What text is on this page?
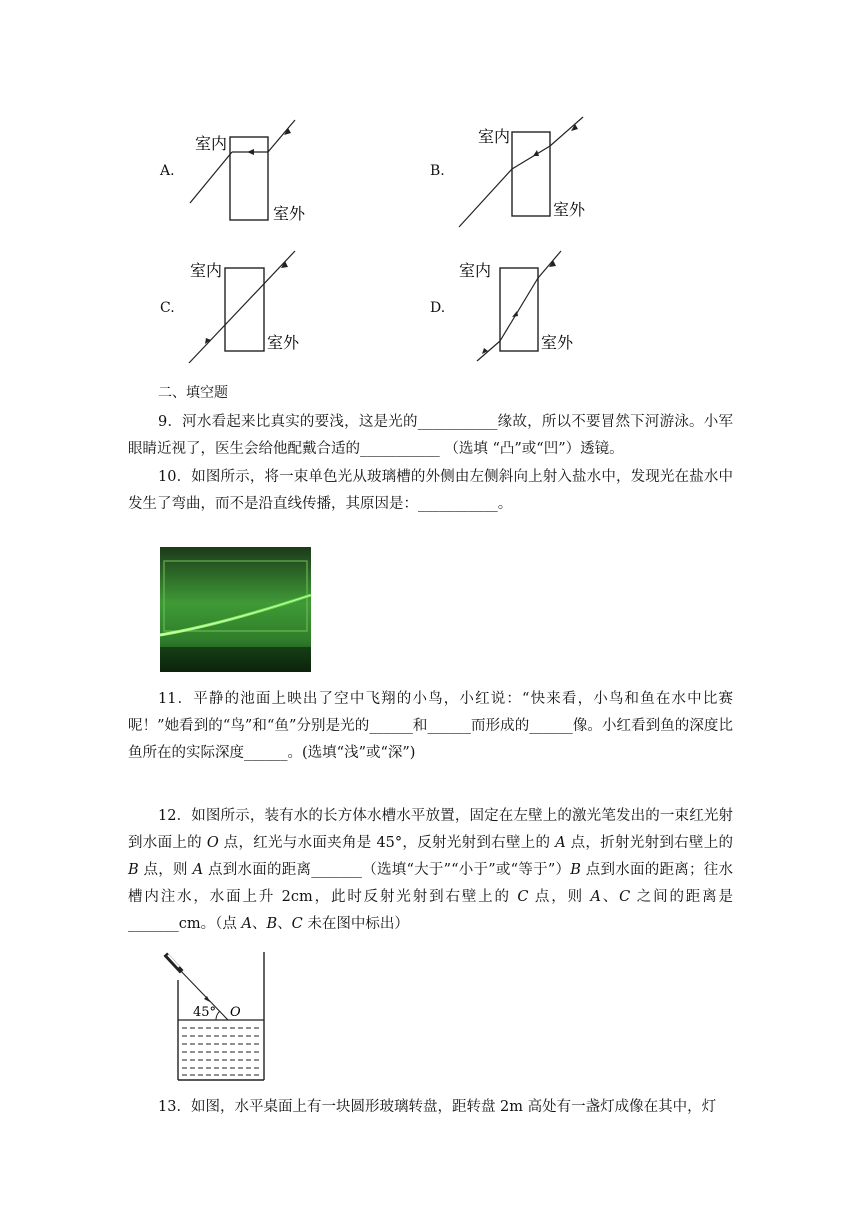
A.
室内
室外
B.
室内
室外
C.
室内
室外
D.
室内
室外
二、填空题
9．河水看起来比真实的要浅，这是光的___________缘故，所以不要冒然下河游泳。小军眼睛近视了，医生会给他配戴合适的___________ （选填 “凸”或“凹”）透镜。
10．如图所示，将一束单色光从玻璃槽的外侧由左侧斜向上射入盐水中，发现光在盐水中发生了弯曲，而不是沿直线传播，其原因是：___________。
11．平静的池面上映出了空中飞翔的小鸟，小红说：“快来看，小鸟和鱼在水中比赛呢！”她看到的“鸟”和“鱼”分别是光的______和______而形成的______像。小红看到鱼的深度比鱼所在的实际深度______。(选填“浅”或“深”)
12．如图所示，装有水的长方体水槽水平放置，固定在左壁上的激光笔发出的一束红光射到水面上的 O 点，红光与水面夹角是 45°，反射光射到右壁上的 A 点，折射光射到右壁上的 B 点，则 A 点到水面的距离_______（选填“大于”“小于”或“等于”）B 点到水面的距离；往水槽内注水，水面上升 2cm，此时反射光射到右壁上的 C 点，则 A、C 之间的距离是_______cm。（点 A、B、C 未在图中标出）
45° O
13．如图，水平桌面上有一块圆形玻璃转盘，距转盘 2m 高处有一盏灯成像在其中，灯
